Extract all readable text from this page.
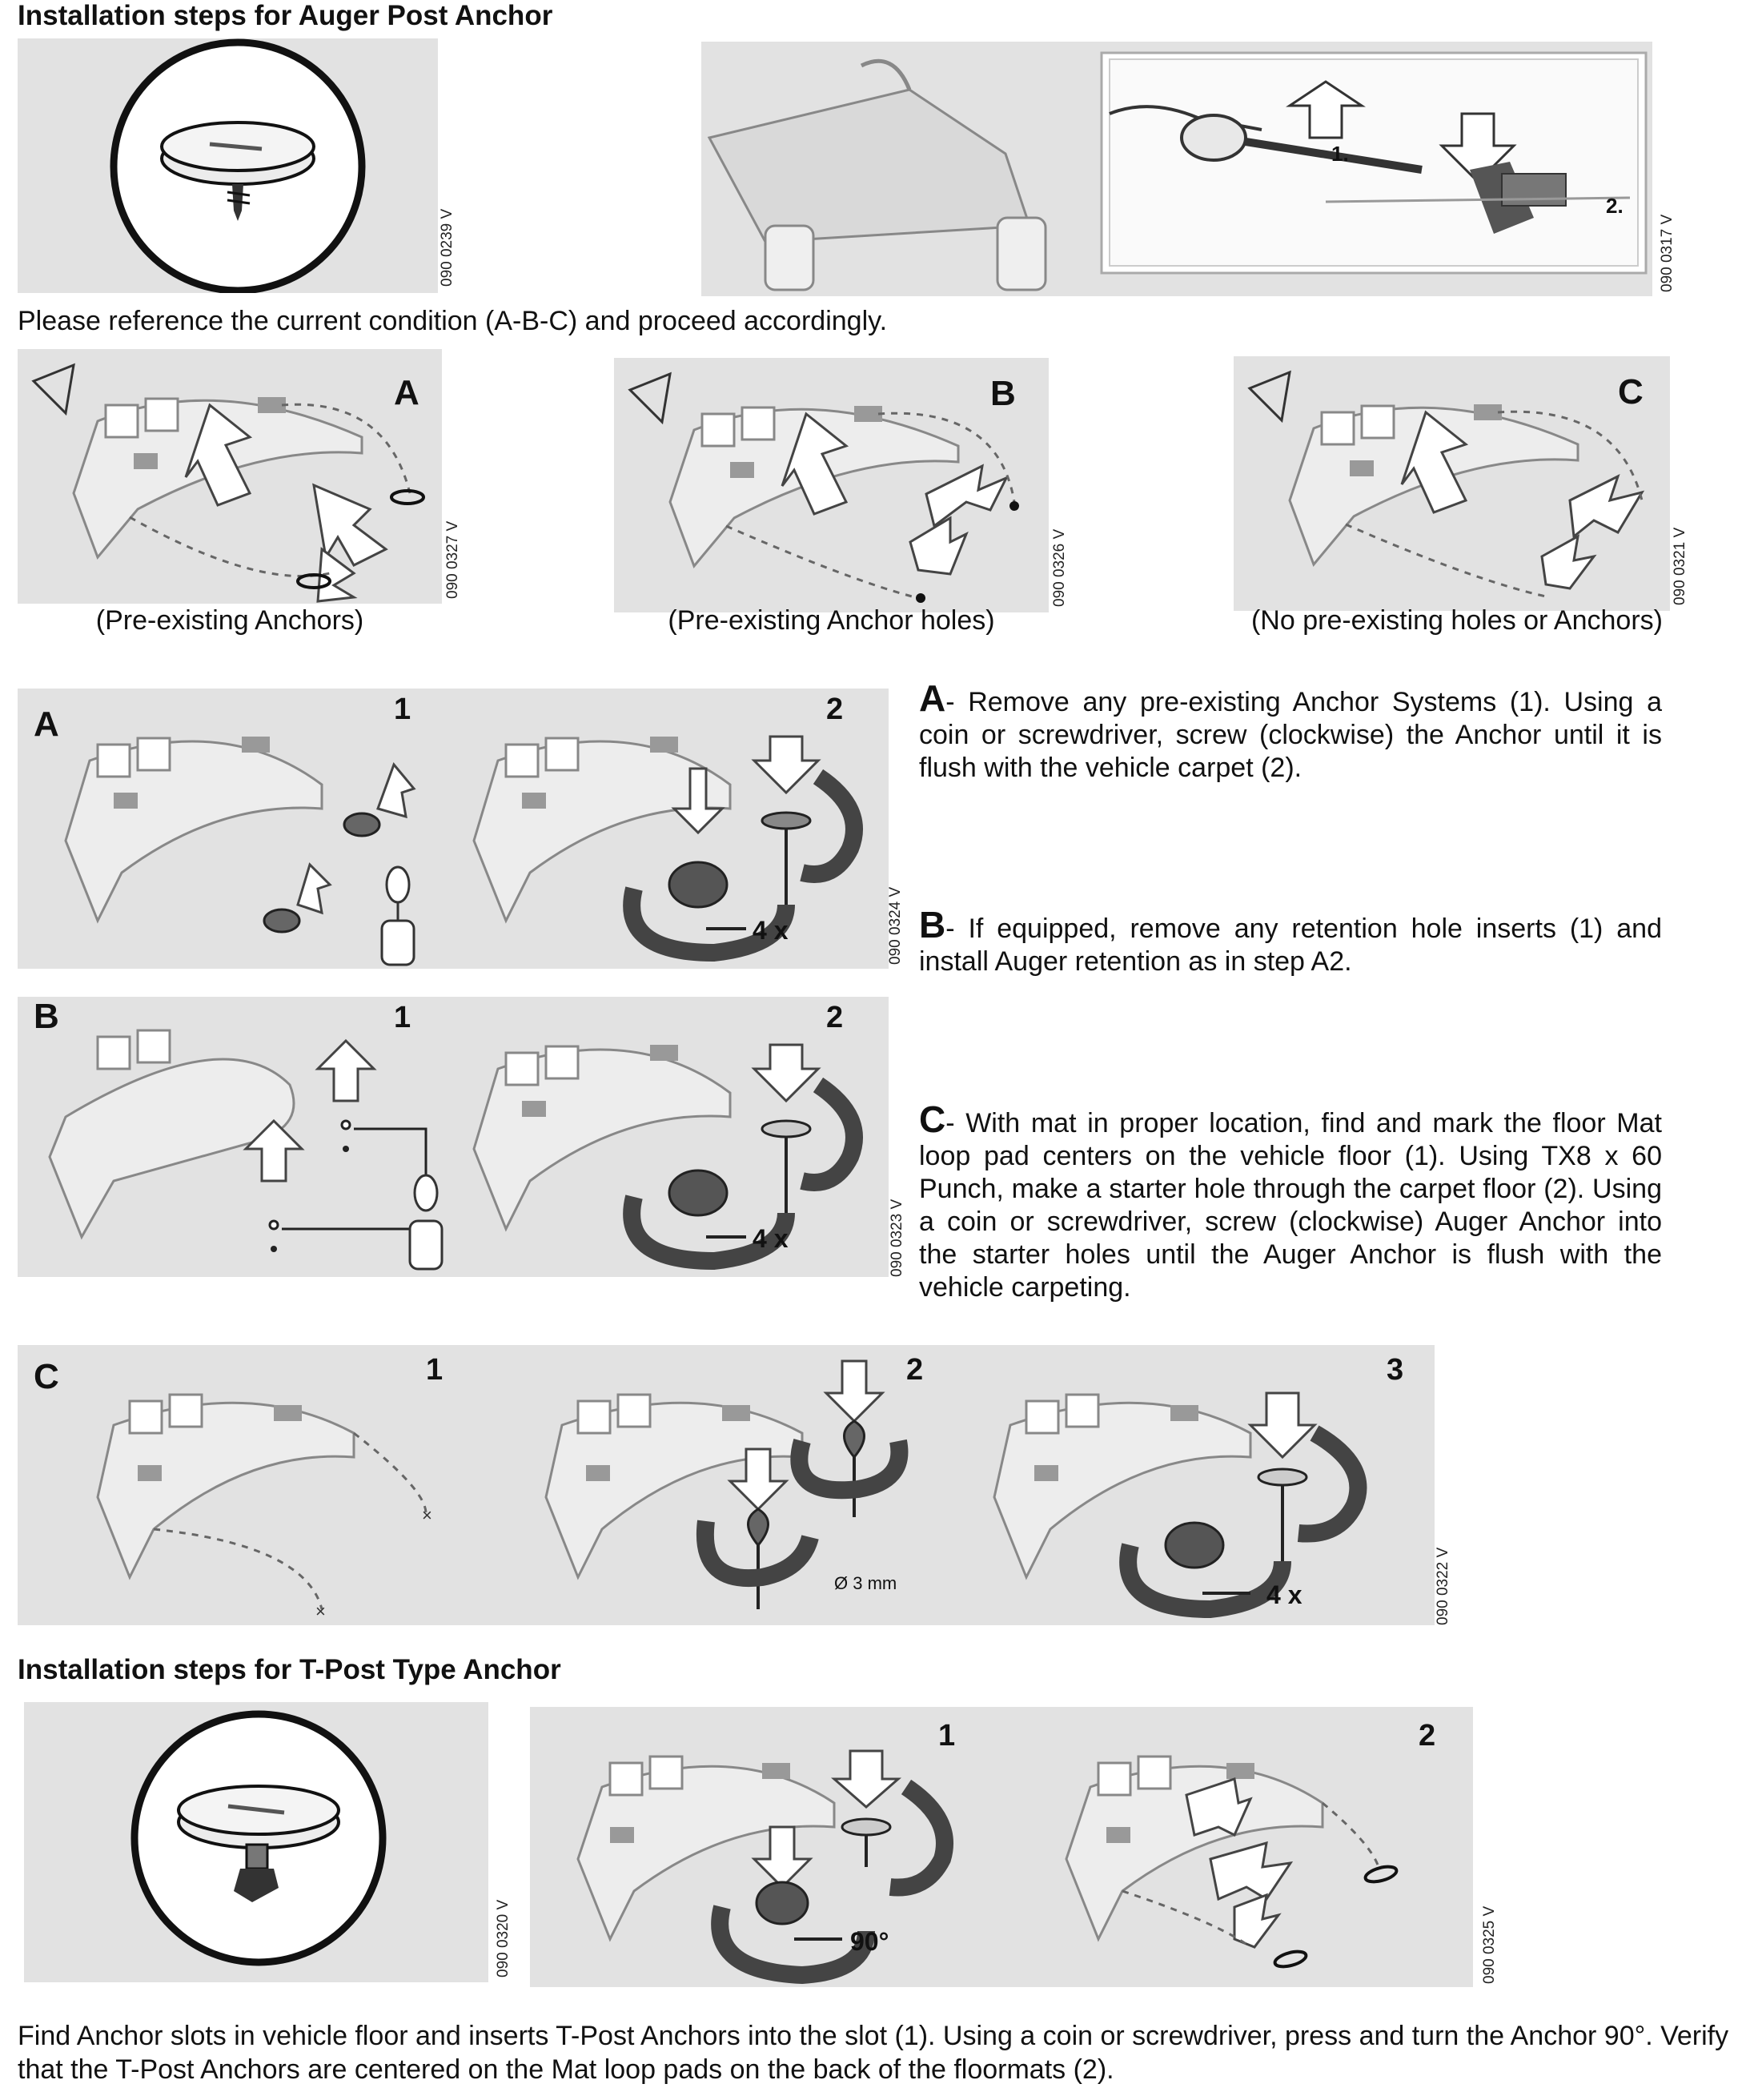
Installation steps for Auger Post Anchor
090 0239 V
1.
2.
090 0317 V
Please reference the current condition (A-B-C) and proceed accordingly.
A
090 0327 V
B
090 0326 V
C
090 0321 V
(Pre-existing Anchors)	(Pre-existing Anchor holes)	(No pre-existing holes or Anchors)
A	1	2
4 x	090 0324 V
B	1	2
4 x	090 0323 V
A- Remove any pre-existing Anchor Systems (1). Using a coin or screwdriver, screw (clockwise) the Anchor until it is flush with the vehicle carpet (2).
B- If equipped, remove any retention hole inserts (1) and install Auger retention as in step A2.
C- With mat in proper location, find and mark the floor Mat loop pad centers on the vehicle floor (1). Using TX8 x 60 Punch, make a starter hole through the carpet floor (2). Using a coin or screwdriver, screw (clockwise) Auger Anchor into the starter holes until the Auger Anchor is flush with the vehicle carpeting.
×
×
C	1	2	3
Ø 3 mm	4 x	090 0322 V
Installation steps for T-Post Type Anchor
090 0320 V
1	2
90°	090 0325 V
Find Anchor slots in vehicle floor and inserts T-Post Anchors into the slot (1). Using a coin or screwdriver, press and turn the Anchor 90°. Verify that the T-Post Anchors are centered on the Mat loop pads on the back of the floormats (2).
